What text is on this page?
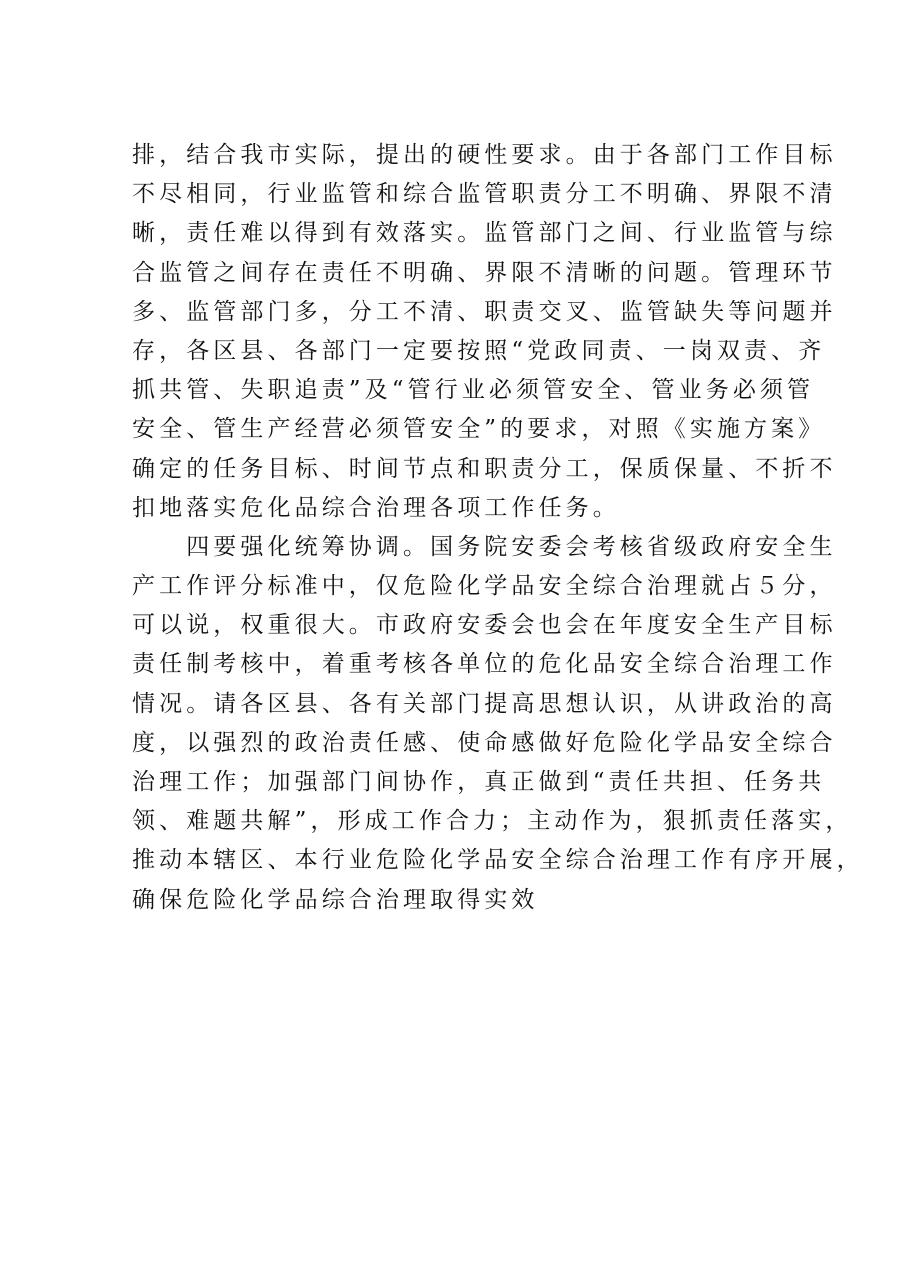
排，结合我市实际，提出的硬性要求。由于各部门工作目标
不尽相同，行业监管和综合监管职责分工不明确、界限不清
晰，责任难以得到有效落实。监管部门之间、行业监管与综
合监管之间存在责任不明确、界限不清晰的问题。管理环节
多、监管部门多，分工不清、职责交叉、监管缺失等问题并
存，各区县、各部门一定要按照“党政同责、一岗双责、齐
抓共管、失职追责”及“管行业必须管安全、管业务必须管
安全、管生产经营必须管安全”的要求，对照《实施方案》
确定的任务目标、时间节点和职责分工，保质保量、不折不
扣地落实危化品综合治理各项工作任务。
　　四要强化统筹协调。国务院安委会考核省级政府安全生
产工作评分标准中，仅危险化学品安全综合治理就占５分，
可以说，权重很大。市政府安委会也会在年度安全生产目标
责任制考核中，着重考核各单位的危化品安全综合治理工作
情况。请各区县、各有关部门提高思想认识，从讲政治的高
度，以强烈的政治责任感、使命感做好危险化学品安全综合
治理工作；加强部门间协作，真正做到“责任共担、任务共
领、难题共解”，形成工作合力；主动作为，狠抓责任落实，
推动本辖区、本行业危险化学品安全综合治理工作有序开展，
确保危险化学品综合治理取得实效
